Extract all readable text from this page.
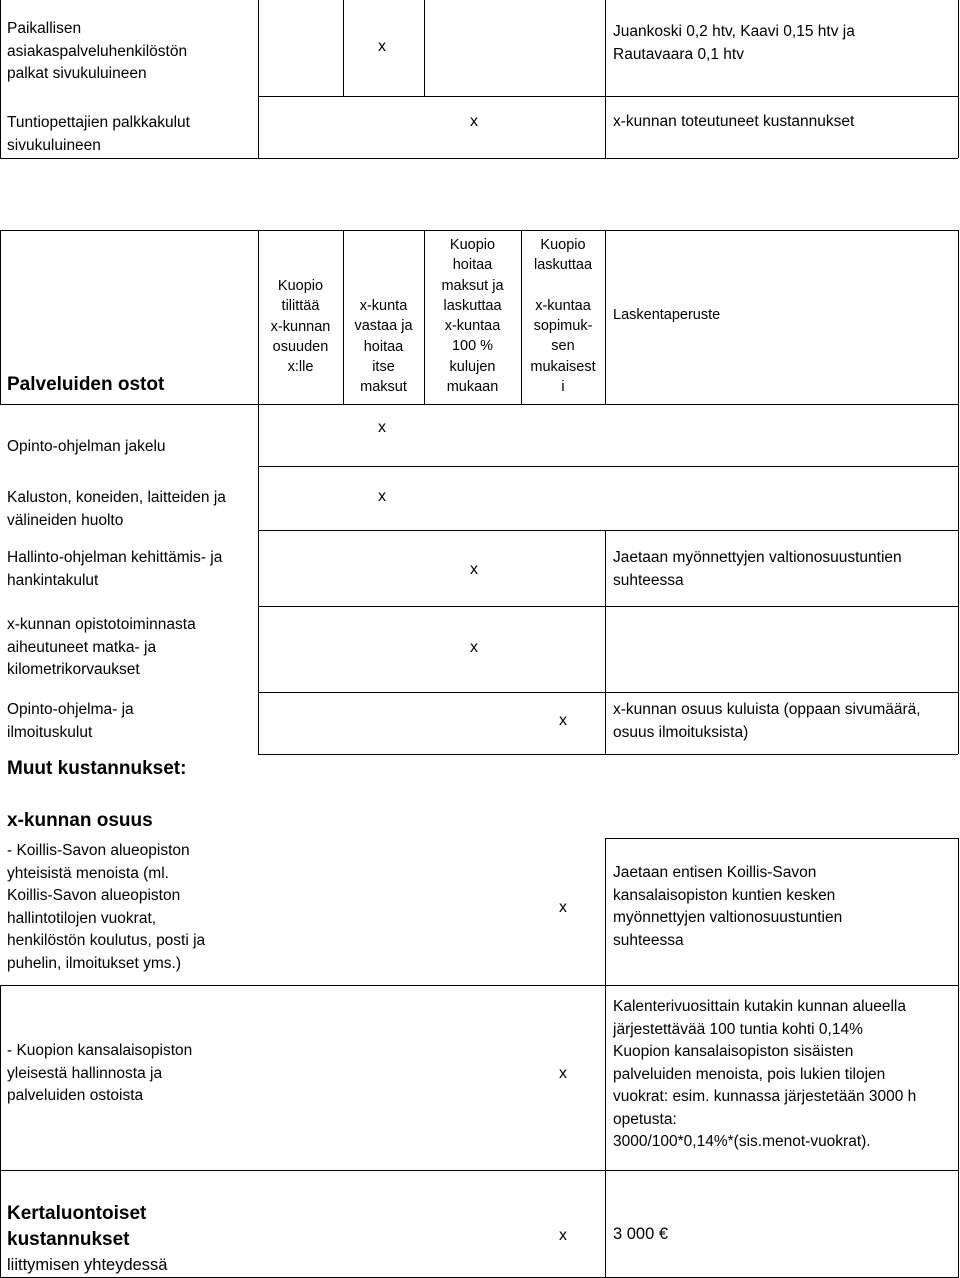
Paikallisen
asiakaspalveluhenkilöstön
palkat sivukuluineen
x
Juankoski 0,2 htv, Kaavi 0,15 htv ja
Rautavaara 0,1 htv
Tuntiopettajien palkkakulut
sivukuluineen
x	x-kunnan toteutuneet kustannukset
Palveluiden ostot
Kuopio
tilittää
x-kunnan
osuuden
x:lle
x-kunta
vastaa ja
hoitaa
itse
maksut
Kuopio
hoitaa
maksut ja
laskuttaa
x-kuntaa
100 %
kulujen
mukaan
Kuopio
laskuttaa

x-kuntaa
sopimuk-
sen
mukaisest
i
Laskentaperuste
Opinto-ohjelman jakelu
x
Kaluston, koneiden, laitteiden ja
välineiden huolto
x
Hallinto-ohjelman kehittämis- ja
hankintakulut
x
Jaetaan myönnettyjen valtionosuustuntien
suhteessa
x-kunnan opistotoiminnasta
aiheutuneet matka- ja
kilometrikorvaukset
x
Opinto-ohjelma- ja
ilmoituskulut
x
x-kunnan osuus kuluista (oppaan sivumäärä,
osuus ilmoituksista)
Muut kustannukset:
x-kunnan osuus
- Koillis-Savon alueopiston
yhteisistä menoista (ml.
Koillis-Savon alueopiston
hallintotilojen vuokrat,
henkilöstön koulutus, posti ja
puhelin, ilmoitukset yms.)
x
Jaetaan entisen Koillis-Savon
kansalaisopiston kuntien kesken
myönnettyjen valtionosuustuntien
suhteessa
- Kuopion kansalaisopiston
yleisestä hallinnosta ja
palveluiden ostoista
x
Kalenterivuosittain kutakin kunnan alueella
järjestettävää 100 tuntia kohti 0,14%
Kuopion kansalaisopiston sisäisten
palveluiden menoista, pois lukien tilojen
vuokrat: esim. kunnassa järjestetään 3000 h
opetusta:
3000/100*0,14%*(sis.menot-vuokrat).
Kertaluontoiset
kustannukset
liittymisen yhteydessä
x	3 000 €
